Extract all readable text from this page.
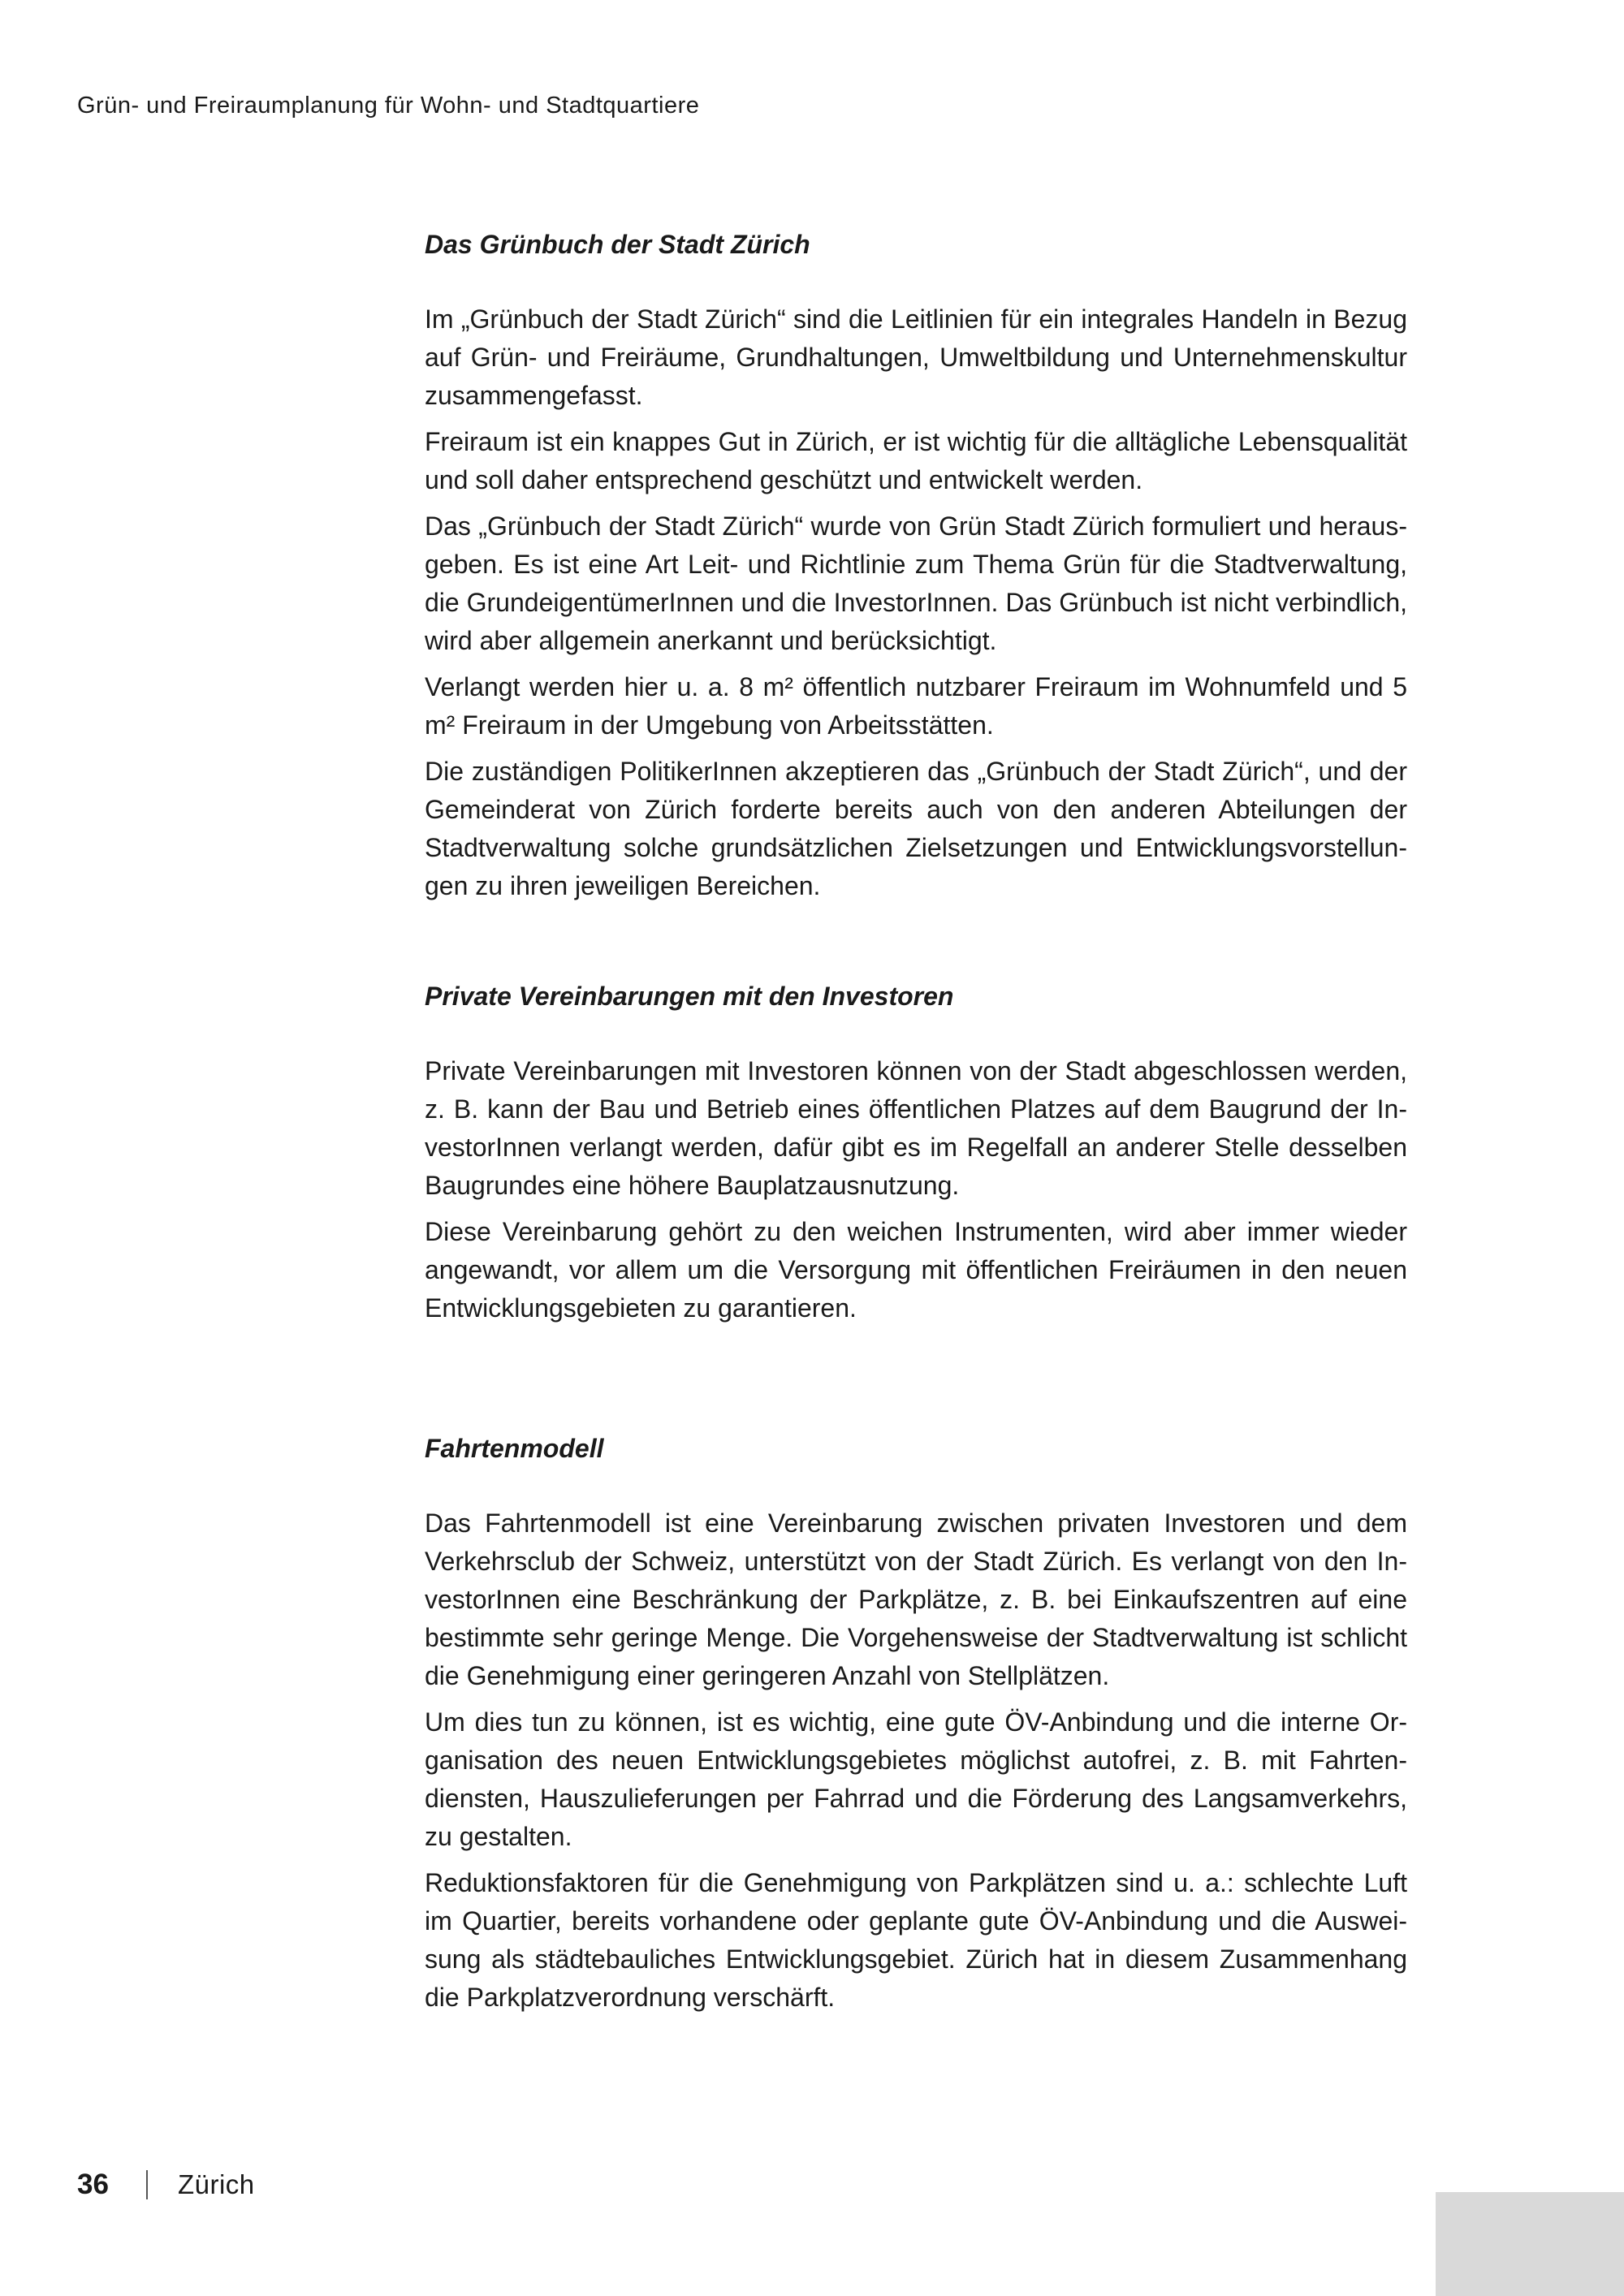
Grün- und Freiraumplanung für Wohn- und Stadtquartiere
Das Grünbuch der Stadt Zürich

Im „Grünbuch der Stadt Zürich“ sind die Leitlinien für ein integrales Handeln in Bezug auf Grün- und Freiräume, Grundhaltungen, Umweltbildung und Unternehmenskultur zusammengefasst.

Freiraum ist ein knappes Gut in Zürich, er ist wichtig für die alltägliche Lebensqualität und soll daher entsprechend geschützt und entwickelt werden.

Das „Grünbuch der Stadt Zürich“ wurde von Grün Stadt Zürich formuliert und herausgeben. Es ist eine Art Leit- und Richtlinie zum Thema Grün für die Stadtverwaltung, die GrundeigentümerInnen und die InvestorInnen. Das Grünbuch ist nicht verbindlich, wird aber allgemein anerkannt und berücksichtigt.

Verlangt werden hier u. a. 8 m² öffentlich nutzbarer Freiraum im Wohnumfeld und 5 m² Freiraum in der Umgebung von Arbeitsstätten.

Die zuständigen PolitikerInnen akzeptieren das „Grünbuch der Stadt Zürich“, und der Gemeinderat von Zürich forderte bereits auch von den anderen Abteilungen der Stadtverwaltung solche grundsätzlichen Zielsetzungen und Entwicklungsvorstellungen zu ihren jeweiligen Bereichen.

Private Vereinbarungen mit den Investoren

Private Vereinbarungen mit Investoren können von der Stadt abgeschlossen werden, z. B. kann der Bau und Betrieb eines öffentlichen Platzes auf dem Baugrund der InvestorInnen verlangt werden, dafür gibt es im Regelfall an anderer Stelle desselben Baugrundes eine höhere Bauplatzausnutzung.

Diese Vereinbarung gehört zu den weichen Instrumenten, wird aber immer wieder angewandt, vor allem um die Versorgung mit öffentlichen Freiräumen in den neuen Entwicklungsgebieten zu garantieren.

Fahrtenmodell

Das Fahrtenmodell ist eine Vereinbarung zwischen privaten Investoren und dem Verkehrsclub der Schweiz, unterstützt von der Stadt Zürich. Es verlangt von den InvestorInnen eine Beschränkung der Parkplätze, z. B. bei Einkaufszentren auf eine bestimmte sehr geringe Menge. Die Vorgehensweise der Stadtverwaltung ist schlicht die Genehmigung einer geringeren Anzahl von Stellplätzen.

Um dies tun zu können, ist es wichtig, eine gute ÖV-Anbindung und die interne Organisation des neuen Entwicklungsgebietes möglichst autofrei, z. B. mit Fahrtendiensten, Hauszulieferungen per Fahrrad und die Förderung des Langsamverkehrs, zu gestalten.

Reduktionsfaktoren für die Genehmigung von Parkplätzen sind u. a.: schlechte Luft im Quartier, bereits vorhandene oder geplante gute ÖV-Anbindung und die Ausweisung als städtebauliches Entwicklungsgebiet. Zürich hat in diesem Zusammenhang die Parkplatzverordnung verschärft.

36	Zürich
